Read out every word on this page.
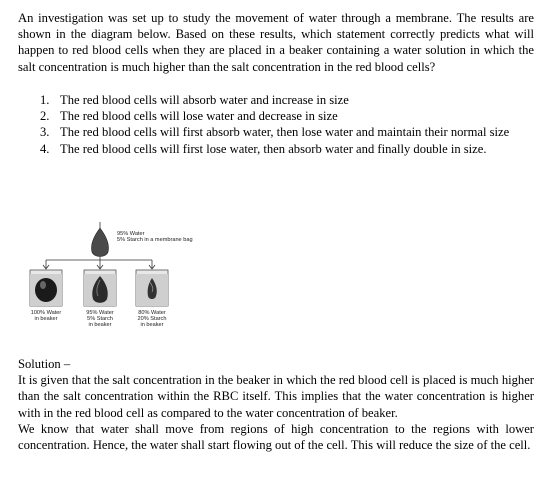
An investigation was set up to study the movement of water through a membrane. The results are shown in the diagram below. Based on these results, which statement correctly predicts what will happen to red blood cells when they are placed in a beaker containing a water solution in which the salt concentration is much higher than the salt concentration in the red blood cells?
1. The red blood cells will absorb water and increase in size
2. The red blood cells will lose water and decrease in size
3. The red blood cells will first absorb water, then lose water and maintain their normal size
4. The red blood cells will first lose water, then absorb water and finally double in size.
95% Water
5% Starch in a membrane bag
100% Water
in beaker
95% Water
5% Starch
in beaker
80% Water
20% Starch
in beaker

Solution –

It is given that the salt concentration in the beaker in which the red blood cell is placed is much higher than the salt concentration within the RBC itself. This implies that the water concentration is higher with in the red blood cell as compared to the water concentration of beaker.

We know that water shall move from regions of high concentration to the regions with lower concentration. Hence, the water shall start flowing out of the cell. This will reduce the size of the cell.
